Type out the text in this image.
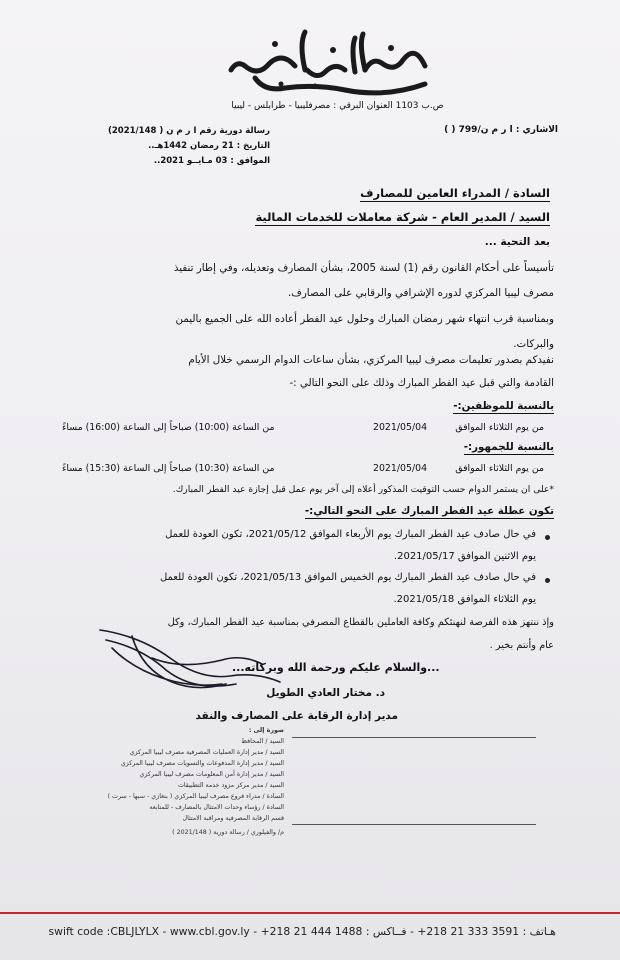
ص.ب 1103 العنوان البرقي : مصرفليبيا - طرابلس - ليبيا
الاشاري : ا ر م ن/799 ( )
رسالة دورية رقم ا ر م ن ( 2021/148)
التاريخ : 21 رمضان 1442هـ..
الموافق : 03 مـايــو 2021..
السادة / المدراء العامين للمصارف
السيد / المدير العام - شركة معاملات للخدمات المالية
بعد التحية ...
تأسيساً على أحكام القانون رقم (1) لسنة 2005، بشأن المصارف وتعديله، وفي إطار تنفيذ
مصرف ليبيا المركزي لدوره الإشرافي والرقابي على المصارف.
وبمناسبة قرب انتهاء شهر رمضان المبارك وحلول عيد الفطر أعاده الله على الجميع باليمن
والبركات.
نفيدكم بصدور تعليمات مصرف ليبيا المركزي، بشأن ساعات الدوام الرسمي خلال الأيام
القادمة والتي قبل عيد الفطر المبارك وذلك على النحو التالي :-
بالنسبة للموظفين:-
من يوم الثلاثاء الموافق
2021/05/04
من الساعة (10:00) صباحاً إلى الساعة (16:00) مساءً
بالنسبة للجمهور:-
من يوم الثلاثاء الموافق
2021/05/04
من الساعة (10:30) صباحاً إلى الساعة (15:30) مساءً
*على ان يستمر الدوام حسب التوقيت المذكور أعلاه إلى آخر يوم عمل قبل إجازة عيد الفطر المبارك.
تكون عطلة عيد الفطر المبارك على النحو التالي:-
في حال صادف عيد الفطر المبارك يوم الأربعاء الموافق 2021/05/12، تكون العودة للعمل
يوم الاثنين الموافق 2021/05/17.
في حال صادف عيد الفطر المبارك يوم الخميس الموافق 2021/05/13، تكون العودة للعمل
يوم الثلاثاء الموافق 2021/05/18.
وإذ ننتهز هذه الفرصة لنهنئكم وكافة العاملين بالقطاع المصرفي بمناسبة عيد الفطر المبارك، وكل
عام وأنتم بخير .
...والسلام عليكم ورحمة الله وبركاته...
د. مختار العادي الطويل
مدير إدارة الرقابة على المصارف والنقد
صورة إلى :
السيد / المحافظ
السيد / مدير إدارة العمليات المصرفية مصرف ليبيا المركزي
السيد / مدير إدارة المدفوعات والتسويات مصرف ليبيا المركزي
السيد / مدير إدارة أمن المعلومات مصرف ليبيا المركزي
السيد / مدير مركز مزود خدمة التطبيقات
السادة / مدراء فروع مصرف ليبيا المركزي ( بنغازي - سبها - سرت )
السادة / رؤساء وحدات الامتثال بالمصارف - للمتابعة
قسم الرقابة المصرفية ومراقبة الامتثال
م/ والفيلوري / رسالة دورية ( 2021/148 )
هـاتف : 3591 333 21 218+ - فــاكس : 1488 444 21 218+ - swift code :CBLJLYLX - www.cbl.gov.ly
